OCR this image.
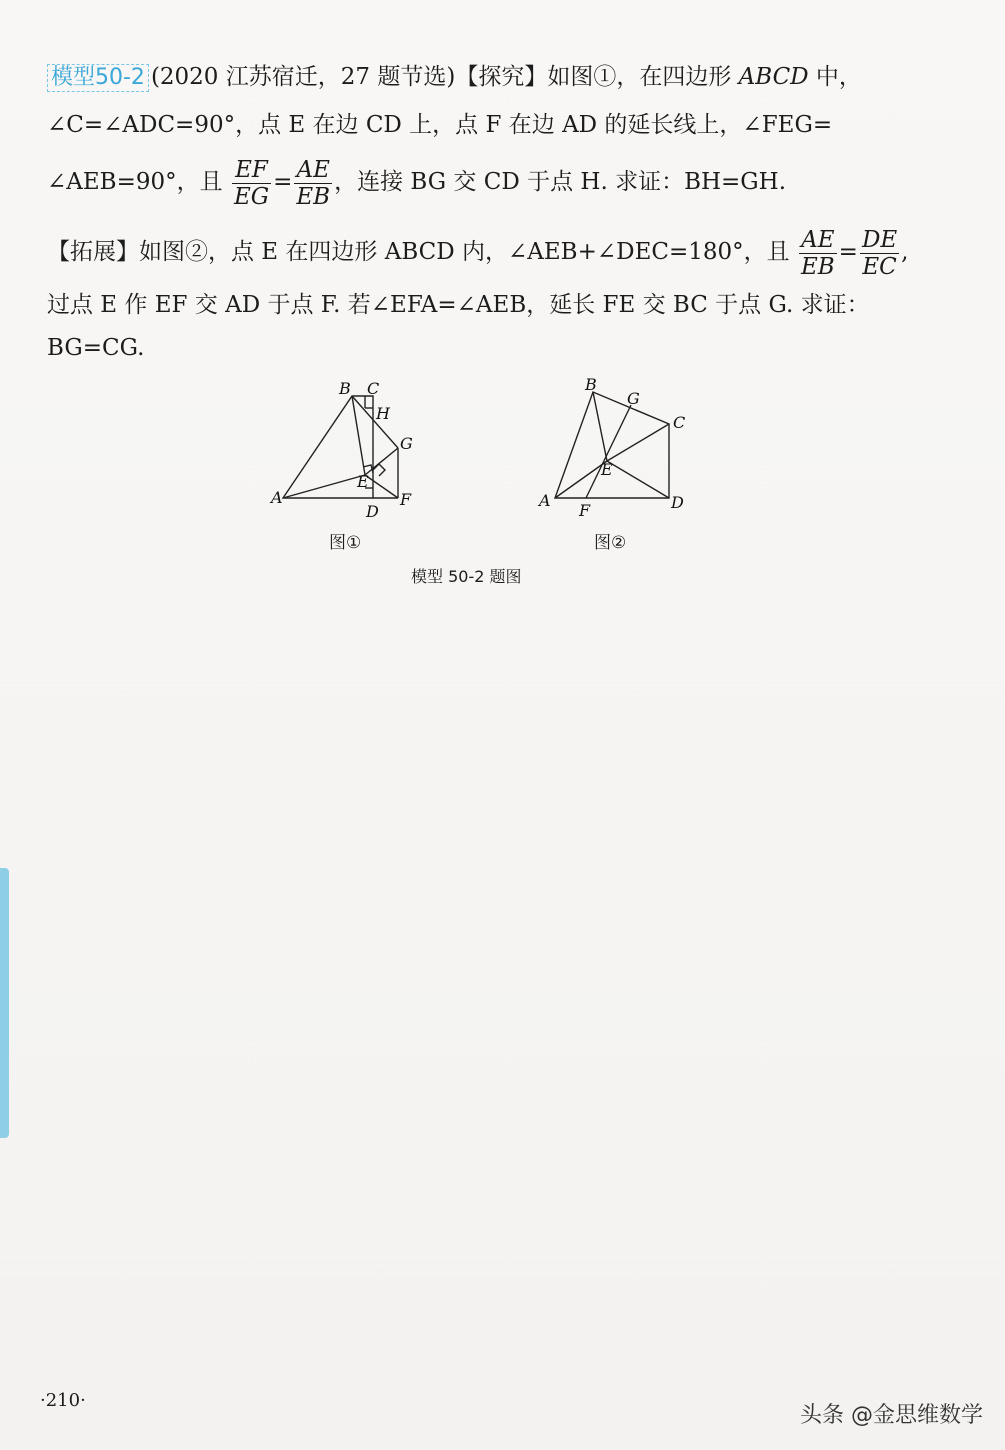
模型50-2 (2020 江苏宿迁，27 题节选)【探究】如图①，在四边形 ABCD 中，
∠C=∠ADC=90°，点 E 在边 CD 上，点 F 在边 AD 的延长线上，∠FEG=
∠AEB=90°，且 $\frac{EF}{EG} = \frac{AE}{EB}$ ，连接 BG 交 CD 于点 H. 求证：BH=GH.
【拓展】如图②，点 E 在四边形 ABCD 内，∠AEB+∠DEC=180°，且 $\frac{AE}{EB} = \frac{DE}{EC}$ ,
过点 E 作 EF 交 AD 于点 F. 若∠EFA=∠AEB，延长 FE 交 BC 于点 G. 求证：
BG=CG.
A
B C
D
E
F
G
H
A
B
C
D
E
F
G
图①	图②
模型 50-2 题图
·210·
头条 @金思维数学
